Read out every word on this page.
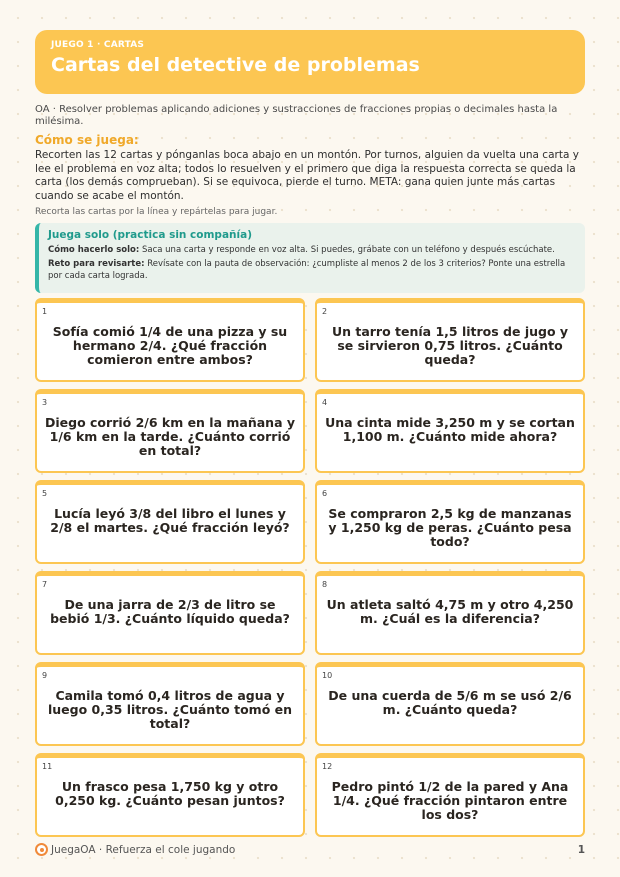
JUEGO 1 · CARTAS
Cartas del detective de problemas
OA · Resolver problemas aplicando adiciones y sustracciones de fracciones propias o decimales hasta la milésima.
Cómo se juega:
Recorten las 12 cartas y pónganlas boca abajo en un montón. Por turnos, alguien da vuelta una carta y lee el problema en voz alta; todos lo resuelven y el primero que diga la respuesta correcta se queda la carta (los demás comprueban). Si se equivoca, pierde el turno. META: gana quien junte más cartas cuando se acabe el montón.
Recorta las cartas por la línea y repártelas para jugar.
Juega solo (practica sin compañía)
Cómo hacerlo solo: Saca una carta y responde en voz alta. Si puedes, grábate con un teléfono y después escúchate.
Reto para revisarte: Revísate con la pauta de observación: ¿cumpliste al menos 2 de los 3 criterios? Ponte una estrella por cada carta lograda.
1
Sofía comió 1/4 de una pizza y su hermano 2/4. ¿Qué fracción comieron entre ambos?
2
Un tarro tenía 1,5 litros de jugo y se sirvieron 0,75 litros. ¿Cuánto queda?
3
Diego corrió 2/6 km en la mañana y 1/6 km en la tarde. ¿Cuánto corrió en total?
4
Una cinta mide 3,250 m y se cortan 1,100 m. ¿Cuánto mide ahora?
5
Lucía leyó 3/8 del libro el lunes y 2/8 el martes. ¿Qué fracción leyó?
6
Se compraron 2,5 kg de manzanas y 1,250 kg de peras. ¿Cuánto pesa todo?
7
De una jarra de 2/3 de litro se bebió 1/3. ¿Cuánto líquido queda?
8
Un atleta saltó 4,75 m y otro 4,250 m. ¿Cuál es la diferencia?
9
Camila tomó 0,4 litros de agua y luego 0,35 litros. ¿Cuánto tomó en total?
10
De una cuerda de 5/6 m se usó 2/6 m. ¿Cuánto queda?
11
Un frasco pesa 1,750 kg y otro 0,250 kg. ¿Cuánto pesan juntos?
12
Pedro pintó 1/2 de la pared y Ana 1/4. ¿Qué fracción pintaron entre los dos?
JuegaOA · Refuerza el cole jugando	1
